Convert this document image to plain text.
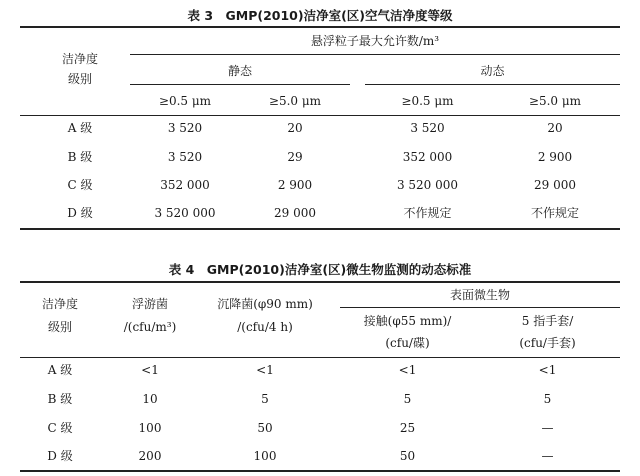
表 3　GMP(2010)洁净室(区)空气洁净度等级
洁净度
级别
悬浮粒子最大允许数/m³
静态	动态
≥0.5 μm	≥5.0 μm	≥0.5 μm	≥5.0 μm
A 级	3 520	20	3 520	20
B 级	3 520	29	352 000	2 900
C 级	352 000	2 900	3 520 000	29 000
D 级	3 520 000	29 000	不作规定	不作规定
表 4　GMP(2010)洁净室(区)微生物监测的动态标准
洁净度
级别
浮游菌
/(cfu/m³)
沉降菌(φ90 mm)
/(cfu/4 h)
表面微生物
接触(φ55 mm)/
(cfu/碟)
5 指手套/
(cfu/手套)
A 级	<1	<1	<1	<1
B 级	10	5	5	5
C 级	100	50	25	—
D 级	200	100	50	—
